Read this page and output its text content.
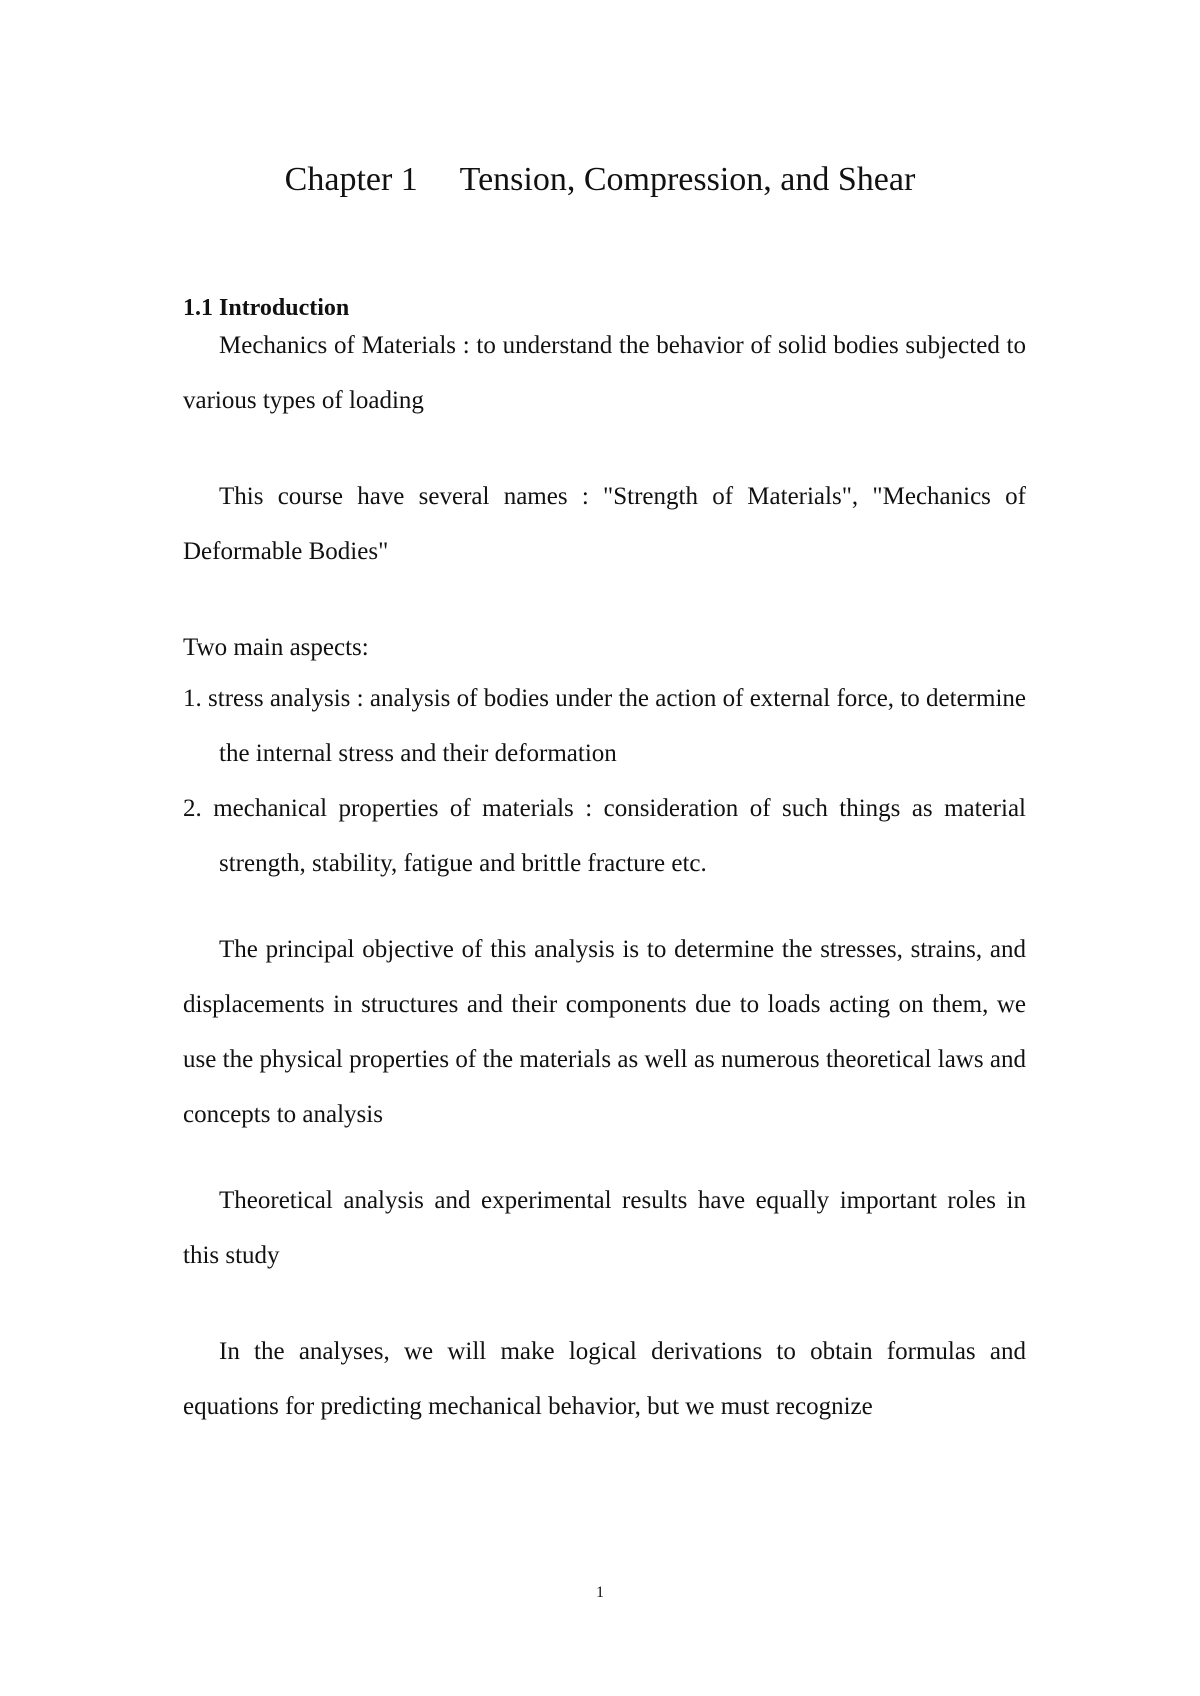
Chapter 1     Tension, Compression, and Shear
1.1 Introduction

Mechanics of Materials : to understand the behavior of solid bodies subjected to various types of loading

This course have several names : "Strength of Materials", "Mechanics of Deformable Bodies"

Two main aspects:

1. stress analysis : analysis of bodies under the action of external force, to determine the internal stress and their deformation
2. mechanical properties of materials : consideration of such things as material strength, stability, fatigue and brittle fracture etc.

The principal objective of this analysis is to determine the stresses, strains, and displacements in structures and their components due to loads acting on them, we use the physical properties of the materials as well as numerous theoretical laws and concepts to analysis

Theoretical analysis and experimental results have equally important roles in this study

In the analyses, we will make logical derivations to obtain formulas and equations for predicting mechanical behavior, but we must recognize

1
